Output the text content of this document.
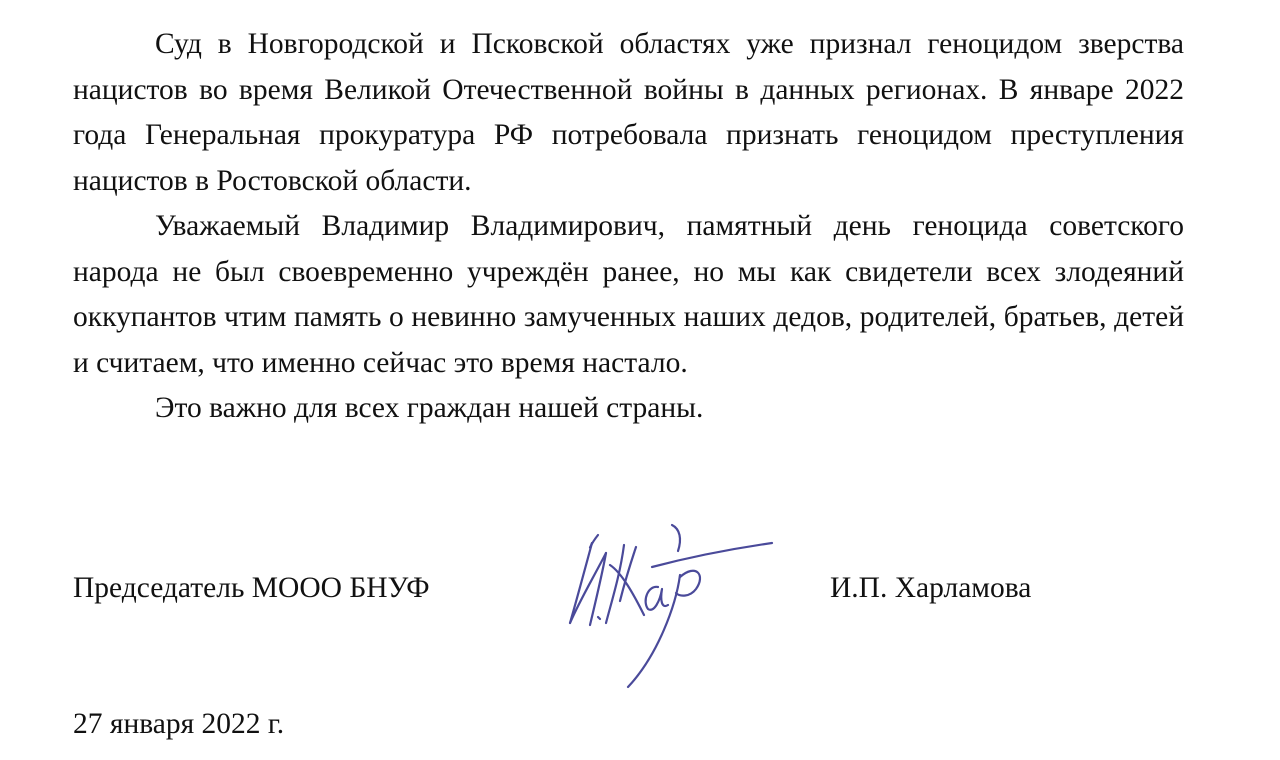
Суд в Новгородской и Псковской областях уже признал геноцидом зверства нацистов во время Великой Отечественной войны в данных регионах. В январе 2022 года Генеральная прокуратура РФ потребовала признать геноцидом преступления нацистов в Ростовской области.

Уважаемый Владимир Владимирович, памятный день геноцида советского народа не был своевременно учреждён ранее, но мы как свидетели всех злодеяний оккупантов чтим память о невинно замученных наших дедов, родителей, братьев, детей и считаем, что именно сейчас это время настало.

Это важно для всех граждан нашей страны.

Председатель МООО БНУФ	И.П. Харламова
27 января 2022 г.
